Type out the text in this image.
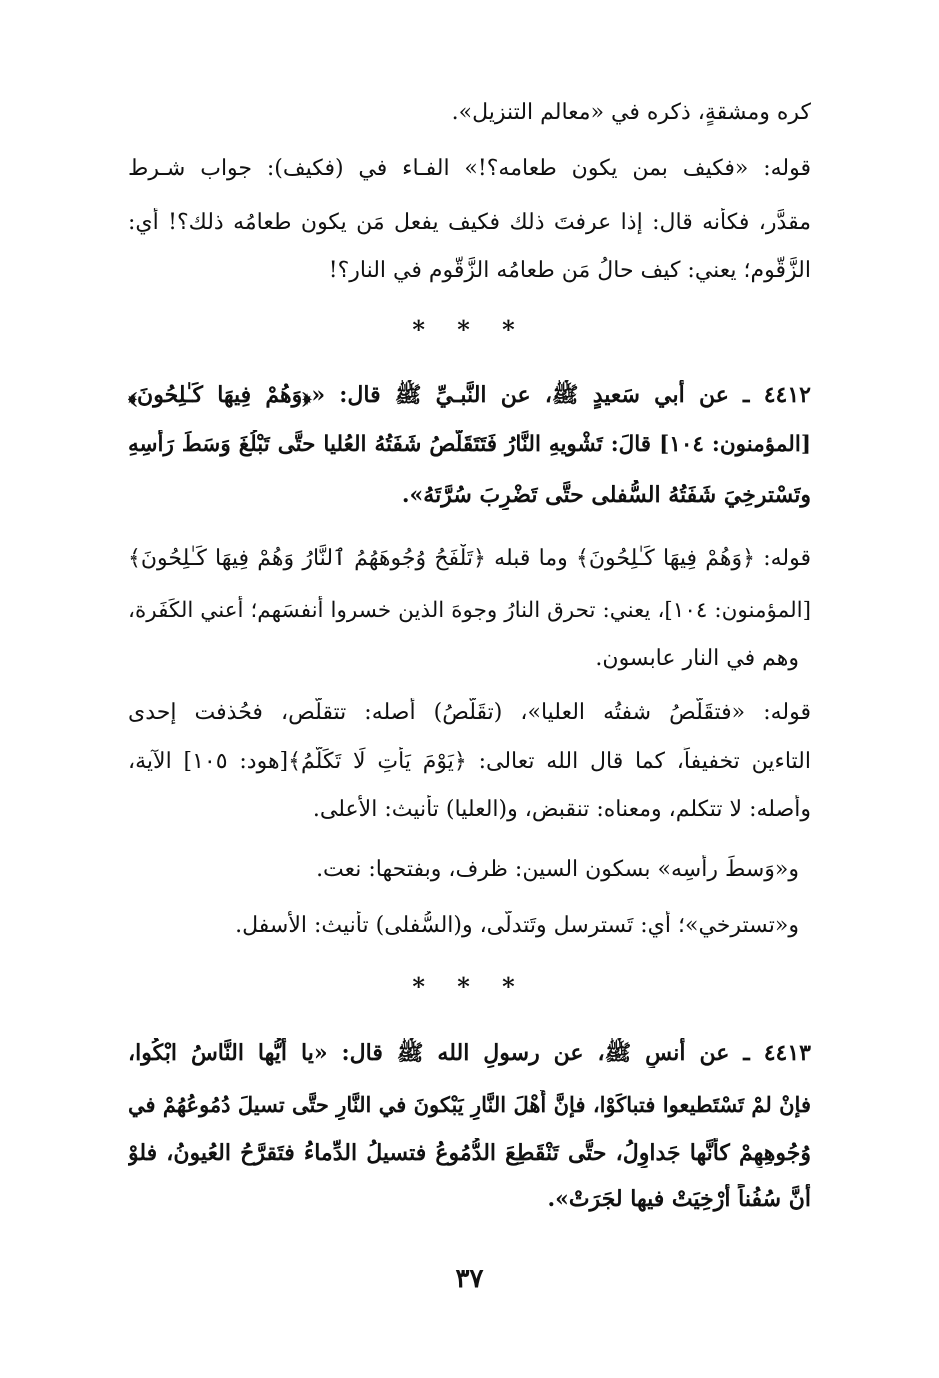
كره ومشقةٍ، ذكره في «معالم التنزيل».
قوله: «فكيف بمن يكون طعامه؟!» الفـاء في (فكيف): جواب شـرط
مقدَّر، فكأنه قال: إذا عرفتَ ذلك فكيف يفعل مَن يكون طعامُه ذلك؟! أي:
الزَّقُّوم؛ يعني: كيف حالُ مَن طعامُه الزَّقُّوم في النار؟!
* * *
٤٤١٢ ـ عن أبي سَعيدٍ ﷺ، عن النَّبـيِّ ﷺ قال: «﴿وَهُمْ فِيهَا كَـٰلِحُونَ﴾
[المؤمنون: ١٠٤] قالَ: تَشْويهِ النَّارُ فَتَتَقَلَّصُ شَفَتُهُ العُليا حتَّى تَبْلُغَ وَسَطَ رَأْسِهِ
وتَسْترخِيَ شَفَتُهُ السُّفلى حتَّى تَضْرِبَ سُرَّتَهُ».
قوله: ﴿وَهُمْ فِيهَا كَـٰلِحُونَ﴾ وما قبله ﴿تَلْفَحُ وُجُوهَهُمُ ٱلنَّارُ وَهُمْ فِيهَا كَـٰلِحُونَ﴾
[المؤمنون: ١٠٤]، يعني: تحرق النارُ وجوهَ الذين خسروا أنفسَهم؛ أعني الكَفَرة،
وهم في النار عابسون.
قوله: «فتقَلَّصُ شفتُه العليا»، (تقَلَّصُ) أصله: تتقلَّص، فحُذفت إحدى
التاءين تخفيفاً، كما قال الله تعالى: ﴿يَوْمَ يَأْتِ لَا تَكَلَّمُ﴾[هود: ١٠٥] الآية،
وأصله: لا تتكلم، ومعناه: تنقبض، و(العليا) تأنيث: الأعلى.
و«وَسطَ رأسِه» بسكون السين: ظرف، وبفتحها: نعت.
و«تسترخي»؛ أي: تَسترسل وتَتدلَّى، و(السُّفلى) تأنيث: الأسفل.
* * *
٤٤١٣ ـ عن أنسٍ ﷺ، عن رسولِ الله ﷺ قال: «يا أيُّها النَّاسُ ابْكُوا،
فإنْ لمْ تَسْتَطيعوا فتباكَوْا، فإنَّ أَهْلَ النَّارِ يَبْكونَ في النَّارِ حتَّى تسيلَ دُمُوعُهُمْ في
وُجُوهِهِمْ كأنَّها جَداوِلُ، حتَّى تَنْقَطِعَ الدُّمُوعُ فتسيلُ الدِّماءُ فتَقرَّحُ العُيونُ، فلوْ
أنَّ سُفُناً أُرْخِيَتْ فيها لجَرَتْ».
٣٧
